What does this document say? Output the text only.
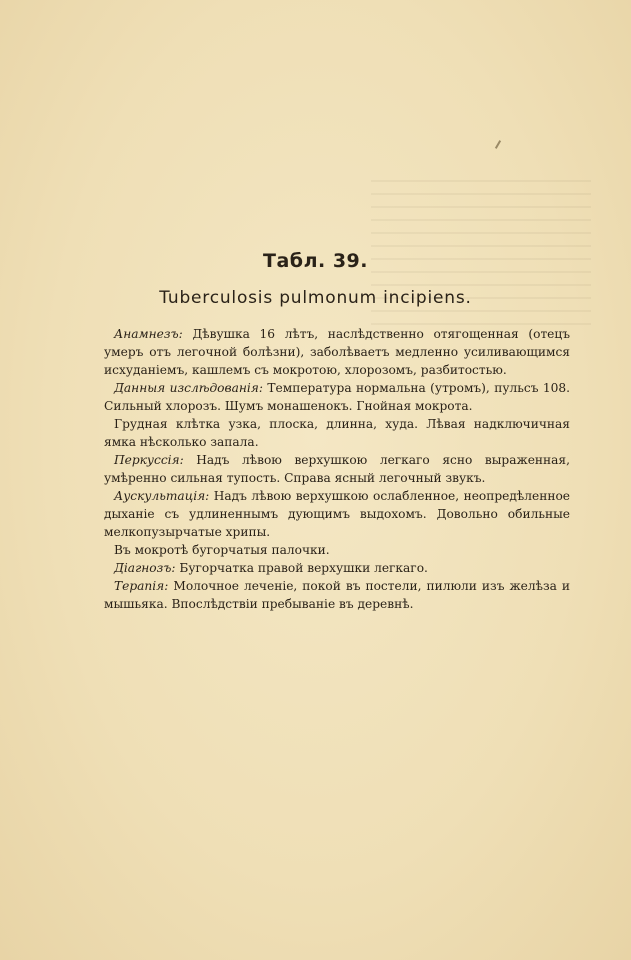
Табл. 39.
Tuberculosis pulmonum incipiens.

Анамнезъ: Дѣвушка 16 лѣтъ, наслѣдственно отягощенная (отецъ умеръ отъ легочной болѣзни), заболѣваетъ медленно усиливающимся исхуданіемъ, кашлемъ съ мокротою, хлорозомъ, разбитостью.

Данныя изслѣдованія: Температура нормальна (утромъ), пульсъ 108. Сильный хлорозъ. Шумъ монашенокъ. Гнойная мокрота.

Грудная клѣтка узка, плоска, длинна, худа. Лѣвая надключичная ямка нѣсколько запала.

Перкуссія: Надъ лѣвою верхушкою легкаго ясно выраженная, умѣренно сильная тупость. Справа ясный легочный звукъ.

Аускультація: Надъ лѣвою верхушкою ослабленное, неопредѣленное дыханіе съ удлиненнымъ дующимъ выдохомъ. Довольно обильные мелкопузырчатые хрипы.

Въ мокротѣ бугорчатыя палочки.

Діагнозъ: Бугорчатка правой верхушки легкаго.

Терапія: Молочное леченіе, покой въ постели, пилюли изъ желѣза и мышьяка. Впослѣдствіи пребываніе въ деревнѣ.
